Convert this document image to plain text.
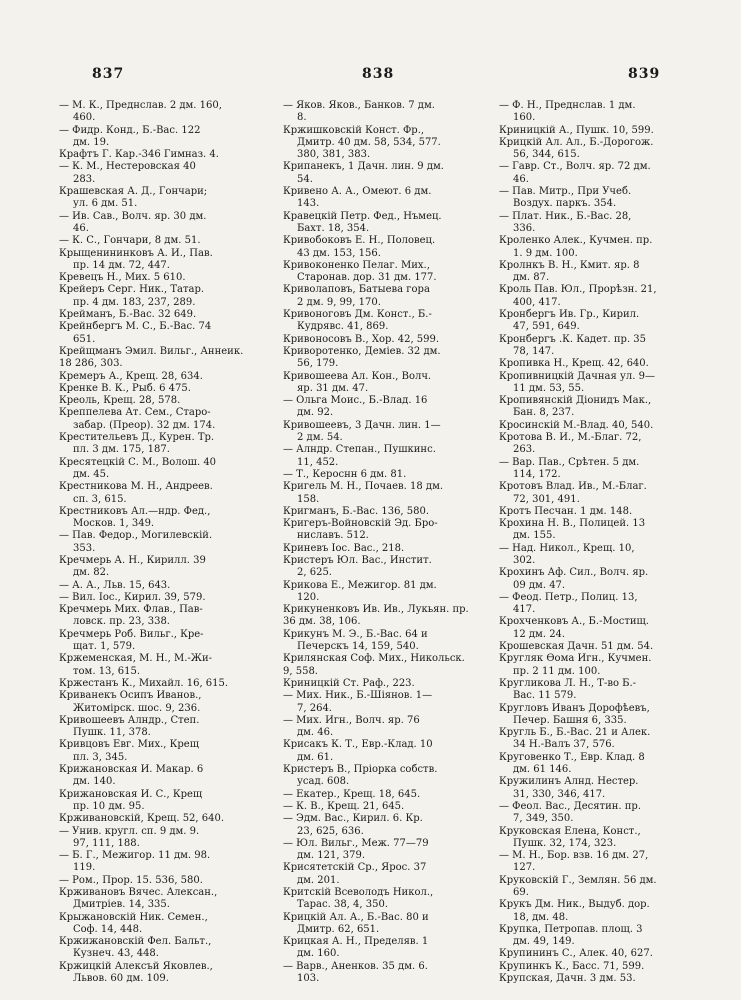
837	838	839
— М. К., Преднслав. 2 дм. 160,
460.
— Фидр. Конд., Б.-Вас. 122
дм. 19.
Крафтъ Г. Кар.-346 Гимназ. 4.
— К. М., Нестеровская 40
283.
Крашевская А. Д., Гончари;
ул. 6 дм. 51.
— Ив. Сав., Волч. яр. 30 дм.
46.
— К. С., Гончари, 8 дм. 51.
Крыщенининковъ А. И., Пав.
пр. 14 дм. 72, 447.
Кревецъ Н., Мих. 5 610.
Крейеръ Серг. Ник., Татар.
пр. 4 дм. 183, 237, 289.
Крейманъ, Б.-Вас. 32 649.
Крейнбергъ М. С., Б.-Вас. 74
651.
Крейщманъ Эмил. Вильг., Аннеик. 18 286, 303.
Кремеръ А., Крещ. 28, 634.
Кренке В. К., Рыб. 6 475.
Креоль, Крещ. 28, 578.
Креппелева Ат. Сем., Старо-
забар. (Преор). 32 дм. 174.
Крестительевъ Д., Курен. Тр.
пл. 3 дм. 175, 187.
Кресятецкій С. М., Волош. 40
дм. 45.
Крестникова М. Н., Андреев.
сп. 3, 615.
Крестниковъ Ал.—ндр. Фед.,
Москов. 1, 349.
— Пав. Федор., Могилевскій.
353.
Кречмерь А. Н., Кирилл. 39
дм. 82.
— А. А., Льв. 15, 643.
— Вил. Іос., Кирил. 39, 579.
Кречмерь Мих. Флав., Пав-
ловск. пр. 23, 338.
Кречмерь Роб. Вильг., Кре-
щат. 1, 579.
Кржеменская, М. Н., М.-Жи-
том. 13, 615.
Кржестанъ К., Михайл. 16, 615.
Криванекъ Осипъ Иванов.,
Житомірск. шос. 9, 236.
Кривошеевъ Алндр., Степ.
Пушк. 11, 378.
Кривцовъ Евг. Мих., Крещ
пл. 3, 345.
Крижановская И. Макар. 6
дм. 140.
Крижановская И. С., Крещ
пр. 10 дм. 95.
Крживановскій, Крещ. 52, 640.
— Унив. кругл. сп. 9 дм. 9.
97, 111, 188.
— Б. Г., Межигор. 11 дм. 98.
119.
— Ром., Прор. 15. 536, 580.
Крживановъ Вячес. Алексан.,
Дмитріев. 14, 335.
Крыжановскій Ник. Семен.,
Соф. 14, 448.
Кржижановскій Фел. Бальт.,
Кузнеч. 43, 448.
Кржицкій Алексъй Яковлев.,
Львов. 60 дм. 109.
— Яков. Яков., Банков. 7 дм.
8.
Кржишковскій Конст. Фр.,
Дмитр. 40 дм. 58, 534, 577.
380, 381, 383.
Крипанекъ, 1 Дачн. лин. 9 дм.
54.
Кривено А. А., Омеют. 6 дм.
143.
Кравецкій Петр. Фед., Нъмец.
Бахт. 18, 354.
Кривобоковъ Е. Н., Половец.
43 дм. 153, 156.
Кривоконенко Пелаг. Мих.,
Старонав. дор. 31 дм. 177.
Криволаповъ, Батыева гора
2 дм. 9, 99, 170.
Кривоноговъ Дм. Конст., Б.-
Кудрявс. 41, 869.
Кривоносовъ В., Хор. 42, 599.
Криворотенко, Деміев. 32 дм.
56, 179.
Кривошеева Ал. Кон., Волч.
яр. 31 дм. 47.
— Ольга Моис., Б.-Влад. 16
дм. 92.
Кривошеевъ, 3 Дачн. лин. 1—
2 дм. 54.
— Алндр. Степан., Пушкинс.
11, 452.
— Т., Кероснн 6 дм. 81.
Кригель М. Н., Почаев. 18 дм.
158.
Кригманъ, Б.-Вас. 136, 580.
Кригеръ-Войновскій Эд. Бро-
ниславъ. 512.
Криневъ Іос. Вас., 218.
Кристеръ Юл. Вас., Инстит.
2, 625.
Крикова Е., Межигор. 81 дм.
120.
Крикуненковъ Ив. Ив., Лукьян. пр. 36 дм. 38, 106.
Крикунъ М. Э., Б.-Вас. 64 и
Печерскъ 14, 159, 540.
Крилянская Соф. Мих., Никольск. 9, 558.
Криницкій Ст. Раф., 223.
— Мих. Ник., Б.-Шіянов. 1—
7, 264.
— Мих. Игн., Волч. яр. 76
дм. 46.
Крисакъ К. Т., Евр.-Клад. 10
дм. 61.
Кристеръ В., Пріорка собств.
усад. 608.
— Екатер., Крещ. 18, 645.
— К. В., Крещ. 21, 645.
— Эдм. Вас., Кирил. 6. Кр.
23, 625, 636.
— Юл. Вильг., Меж. 77—79
дм. 121, 379.
Крисятетскій Ср., Ярос. 37
дм. 201.
Критскій Всеволодъ Никол.,
Тарас. 38, 4, 350.
Крицкій Ал. А., Б.-Вас. 80 и
Дмитр. 62, 651.
Крицкая А. Н., Пределяв. 1
дм. 160.
— Варв., Аненков. 35 дм. 6.
103.
— Ф. Н., Преднслав. 1 дм.
160.
Криницкій А., Пушк. 10, 599.
Крицкій Ал. Ал., Б.-Дорогож.
56, 344, 615.
— Гавр. Ст., Волч. яр. 72 дм.
46.
— Пав. Митр., При Учеб.
Воздух. паркъ. 354.
— Плат. Ник., Б.-Вас. 28,
336.
Кроленко Алек., Кучмен. пр.
1. 9 дм. 100.
Кролнкъ В. Н., Кмит. яр. 8
дм. 87.
Кроль Пав. Юл., Прорѣзн. 21,
400, 417.
Кронбергъ Ив. Гр., Кирил.
47, 591, 649.
Кронбергъ .К. Кадет. пр. 35
78, 147.
Кропивка Н., Крещ. 42, 640.
Кропивницкій Дачная ул. 9—
11 дм. 53, 55.
Кропивянскій Діонидъ Мак.,
Бан. 8, 237.
Кросинскій М.-Влад. 40, 540.
Кротова В. И., М.-Благ. 72,
263.
— Вар. Пав., Срѣтен. 5 дм.
114, 172.
Кротовъ Влад. Ив., М.-Благ.
72, 301, 491.
Кротъ Песчан. 1 дм. 148.
Крохина Н. В., Полицей. 13
дм. 155.
— Над. Никол., Крещ. 10,
302.
Крохинъ Аф. Сил., Волч. яр.
09 дм. 47.
— Феод. Петр., Полиц. 13,
417.
Крохченковъ А., Б.-Мостищ.
12 дм. 24.
Крошевская Дачн. 51 дм. 54.
Кругляк Ѳома Игн., Кучмен.
пр. 2 11 дм. 100.
Кругликова Л. Н., Т-во Б.-
Вас. 11 579.
Кругловъ Иванъ Дорофѣевъ,
Печер. Башня 6, 335.
Кругль Б., Б.-Вас. 21 и Алек.
34 Н.-Валъ 37, 576.
Круговенко Т., Евр. Клад. 8
дм. 61 146.
Кружилинъ Алнд. Нестер.
31, 330, 346, 417.
— Феол. Вас., Десятин. пр.
7, 349, 350.
Круковская Елена, Конст.,
Пушк. 32, 174, 323.
— М. Н., Бор. взв. 16 дм. 27,
127.
Круковскій Г., Землян. 56 дм.
69.
Крукъ Дм. Ник., Выдуб. дор.
18, дм. 48.
Крупка, Петропав. площ. 3
дм. 49, 149.
Крупининъ С., Алек. 40, 627.
Крупинкъ К., Басс. 71, 599.
Крупская, Дачн. 3 дм. 53.
